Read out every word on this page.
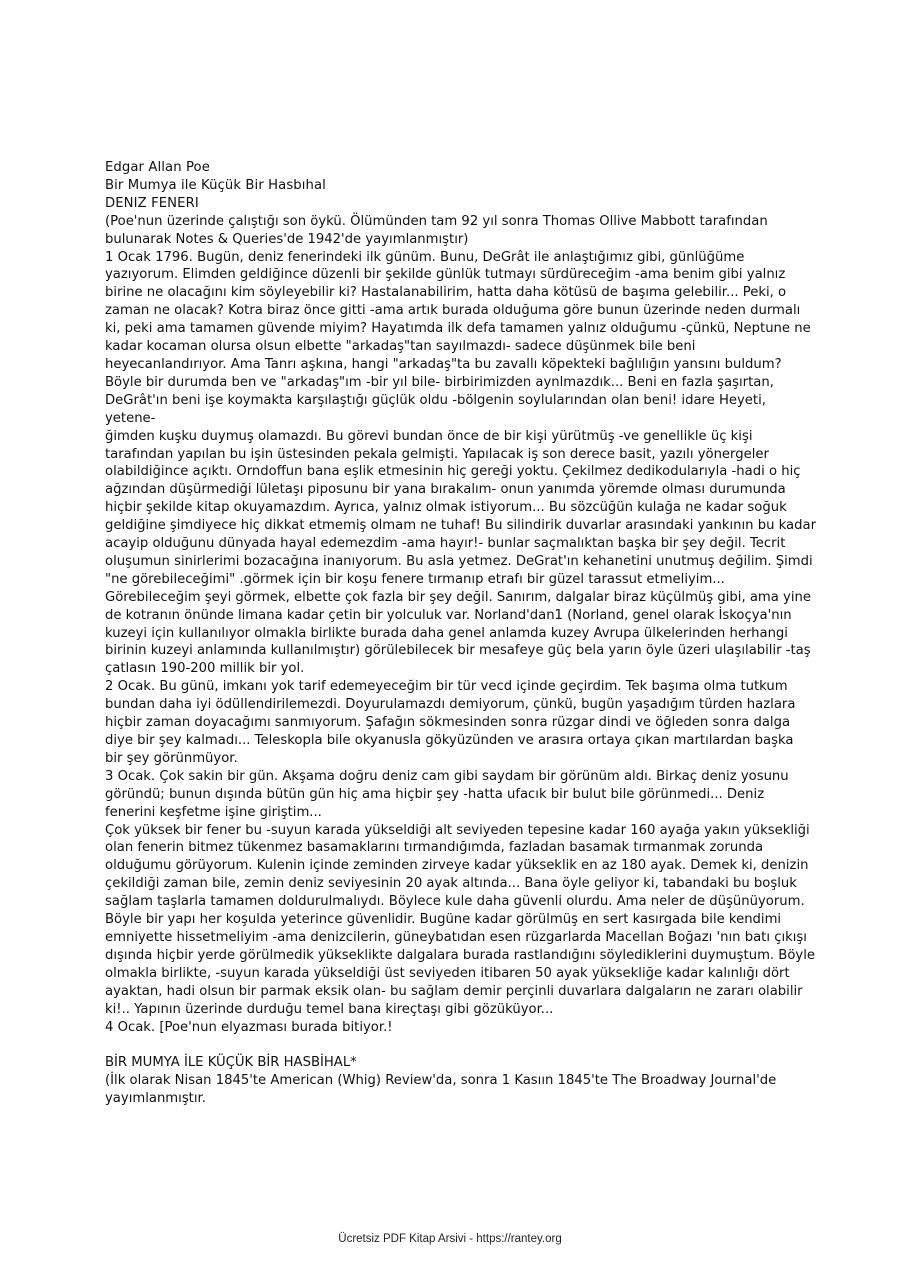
Edgar Allan Poe
Bir Mumya ile Küçük Bir Hasbıhal
DENIZ FENERI
(Poe'nun üzerinde çalıştığı son öykü. Ölümünden tam 92 yıl sonra Thomas Ollive Mabbott tarafından
bulunarak Notes & Queries'de 1942'de yayımlanmıştır)
1 Ocak 1796. Bugün, deniz fenerindeki ilk günüm. Bunu, DeGrât ile anlaştığımız gibi, günlüğüme
yazıyorum. Elimden geldiğince düzenli bir şekilde günlük tutmayı sürdüreceğim -ama benim gibi yalnız
birine ne olacağını kim söyleyebilir ki? Hastalanabilirim, hatta daha kötüsü de başıma gelebilir... Peki, o
zaman ne olacak? Kotra biraz önce gitti -ama artık burada olduğuma göre bunun üzerinde neden durmalı
ki, peki ama tamamen güvende miyim? Hayatımda ilk defa tamamen yalnız olduğumu -çünkü, Neptune ne
kadar kocaman olursa olsun elbette "arkadaş"tan sayılmazdı- sadece düşünmek bile beni
heyecanlandırıyor. Ama Tanrı aşkına, hangi "arkadaş"ta bu zavallı köpekteki bağlılığın yansını buldum?
Böyle bir durumda ben ve "arkadaş"ım -bir yıl bile- birbirimizden aynlmazdık... Beni en fazla şaşırtan,
DeGrât'ın beni işe koymakta karşılaştığı güçlük oldu -bölgenin soylularından olan beni! idare Heyeti,
yetene-
ğimden kuşku duymuş olamazdı. Bu görevi bundan önce de bir kişi yürütmüş -ve genellikle üç kişi
tarafından yapılan bu işin üstesinden pekala gelmişti. Yapılacak iş son derece basit, yazılı yönergeler
olabildiğince açıktı. Orndoffun bana eşlik etmesinin hiç gereği yoktu. Çekilmez dedikodularıyla -hadi o hiç
ağzından düşürmediği lületaşı piposunu bir yana bırakalım- onun yanımda yöremde olması durumunda
hiçbir şekilde kitap okuyamazdım. Ayrıca, yalnız olmak istiyorum... Bu sözcüğün kulağa ne kadar soğuk
geldiğine şimdiyece hiç dikkat etmemiş olmam ne tuhaf! Bu silindirik duvarlar arasındaki yankının bu kadar
acayip olduğunu dünyada hayal edemezdim -ama hayır!- bunlar saçmalıktan başka bir şey değil. Tecrit
oluşumun sinirlerimi bozacağına inanıyorum. Bu asla yetmez. DeGrat'ın kehanetini unutmuş değilim. Şimdi
"ne görebileceğimi" .görmek için bir koşu fenere tırmanıp etrafı bir güzel tarassut etmeliyim...
Görebileceğim şeyi görmek, elbette çok fazla bir şey değil. Sanırım, dalgalar biraz küçülmüş gibi, ama yine
de kotranın önünde limana kadar çetin bir yolculuk var. Norland'dan1 (Norland, genel olarak İskoçya'nın
kuzeyi için kullanılıyor olmakla birlikte burada daha genel anlamda kuzey Avrupa ülkelerinden herhangi
birinin kuzeyi anlamında kullanılmıştır) görülebilecek bir mesafeye güç bela yarın öyle üzeri ulaşılabilir -taş
çatlasın 190-200 millik bir yol.
2 Ocak. Bu günü, imkanı yok tarif edemeyeceğim bir tür vecd içinde geçirdim. Tek başıma olma tutkum
bundan daha iyi ödüllendirilemezdi. Doyurulamazdı demiyorum, çünkü, bugün yaşadığım türden hazlara
hiçbir zaman doyacağımı sanmıyorum. Şafağın sökmesinden sonra rüzgar dindi ve öğleden sonra dalga
diye bir şey kalmadı... Teleskopla bile okyanusla gökyüzünden ve arasıra ortaya çıkan martılardan başka
bir şey görünmüyor.
3 Ocak. Çok sakin bir gün. Akşama doğru deniz cam gibi saydam bir görünüm aldı. Birkaç deniz yosunu
göründü; bunun dışında bütün gün hiç ama hiçbir şey -hatta ufacık bir bulut bile görünmedi... Deniz
fenerini keşfetme işine giriştim...
Çok yüksek bir fener bu -suyun karada yükseldiği alt seviyeden tepesine kadar 160 ayağa yakın yüksekliği
olan fenerin bitmez tükenmez basamaklarını tırmandığımda, fazladan basamak tırmanmak zorunda
olduğumu görüyorum. Kulenin içinde zeminden zirveye kadar yükseklik en az 180 ayak. Demek ki, denizin
çekildiği zaman bile, zemin deniz seviyesinin 20 ayak altında... Bana öyle geliyor ki, tabandaki bu boşluk
sağlam taşlarla tamamen doldurulmalıydı. Böylece kule daha güvenli olurdu. Ama neler de düşünüyorum.
Böyle bir yapı her koşulda yeterince güvenlidir. Bugüne kadar görülmüş en sert kasırgada bile kendimi
emniyette hissetmeliyim -ama denizcilerin, güneybatıdan esen rüzgarlarda Macellan Boğazı 'nın batı çıkışı
dışında hiçbir yerde görülmedik yükseklikte dalgalara burada rastlandığını söylediklerini duymuştum. Böyle
olmakla birlikte, -suyun karada yükseldiği üst seviyeden itibaren 50 ayak yüksekliğe kadar kalınlığı dört
ayaktan, hadi olsun bir parmak eksik olan- bu sağlam demir perçinli duvarlara dalgaların ne zararı olabilir
ki!.. Yapının üzerinde durduğu temel bana kireçtaşı gibi gözüküyor...
4 Ocak. [Poe'nun elyazması burada bitiyor.!
BİR MUMYA İLE KÜÇÜK BİR HASBİHAL*
(İlk olarak Nisan 1845'te American (Whig) Review'da, sonra 1 Kasıın 1845'te The Broadway Journal'de
yayımlanmıştır.
Ücretsiz PDF Kitap Arsivi - https://rantey.org
